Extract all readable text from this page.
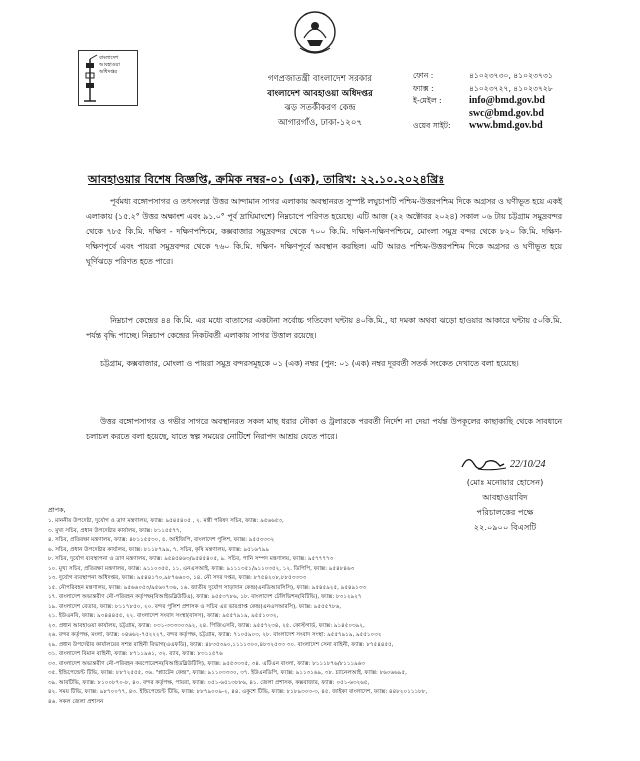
বাংলাদেশ
আবহাওয়া
অধিদপ্তর
গণপ্রজাতন্ত্রী বাংলাদেশ সরকার
বাংলাদেশ আবহাওয়া অধিদপ্তর
ঝড় সতর্কীকরণ কেন্দ্র
আগারগাঁও, ঢাকা-১২০৭
ফোন :	৪১০২৩৭৩০, ৪১০২৩৭৩১
ফ্যাক্স :	৪১০২৩৭২৭, ৪১০২৩৭২৮
ই-মেইল :	info@bmd.gov.bd
swc@bmd.gov.bd
ওয়েব সাইট:	www.bmd.gov.bd
আবহাওয়ার বিশেষ বিজ্ঞপ্তি, ক্রমিক নম্বর-০১ (এক), তারিখ: ২২.১০.২০২৪খ্রিঃ
পূর্বমধ্য বঙ্গোপসাগর ও তৎসংলগ্ন উত্তর আন্দামান সাগর এলাকায় অবস্থানরত সুস্পষ্ট লঘুচাপটি পশ্চিম-উত্তরপশ্চিম দিকে অগ্রসর ও ঘণীভূত হয়ে একই এলাকায় (১৫.২° উত্তর অক্ষাংশ এবং ৯১.০° পূর্ব দ্রাঘিমাংশে) নিম্নচাপে পরিণত হয়েছে। এটি আজ (২২ অক্টোবর ২০২৪) সকাল ০৬ টায় চট্টগ্রাম সমুদ্রবন্দর থেকে ৭৮৫ কি.মি. দক্ষিণ - দক্ষিণপশ্চিমে, কক্সবাজার সমুদ্রবন্দর থেকে ৭০০ কি.মি. দক্ষিণ-দক্ষিণপশ্চিমে, মোংলা সমুদ্র বন্দর থেকে ৮২০ কি.মি. দক্ষিণ- দক্ষিণপূর্বে এবং পায়রা সমুদ্রবন্দর থেকে ৭৬০ কি.মি. দক্ষিণ- দক্ষিণপূর্বে অবস্থান করছিল। এটি আরও পশ্চিম-উত্তরপশ্চিম দিকে অগ্রসর ও ঘণীভূত হয়ে ঘূর্ণিঝড়ে পরিণত হতে পারে।
নিম্নচাপ কেন্দ্রের ৪৪ কি.মি. এর মধ্যে বাতাসের একটানা সর্বোচ্চ গতিবেগ ঘন্টায় ৪০কি.মি., যা দমকা অথবা ঝড়ো হাওয়ার আকারে ঘন্টায় ৫০কি.মি. পর্যন্ত বৃদ্ধি পাচ্ছে। নিম্নচাপ কেন্দ্রের নিকটবর্তী এলাকায় সাগর উত্তাল রয়েছে।
চট্টগ্রাম, কক্সবাজার, মোংলা ও পায়রা সমুদ্র বন্দরসমূহকে ০১ (এক) নম্বর (পুন: ০১ (এক) নম্বর দূরবর্তী সতর্ক সংকেত দেখাতে বলা হয়েছে।
উত্তর বঙ্গোপসাগর ও গভীর সাগরে অবস্থানরত সকল মাছ ধরার নৌকা ও ট্রলারকে পরবর্তী নির্দেশ না দেয়া পর্যন্ত উপকূলের কাছাকাছি থেকে সাবধানে চলাচল করতে বলা হয়েছে, যাতে স্বল্প সময়ের নোটিশে নিরাপদ আশ্রয় যেতে পারে।
22/10/24
(মোঃ মনোয়ার হোসেন)
আবহাওয়াবিদ
পরিচালকের পক্ষে
২২.০৯০০ বিএসটি
প্রাপক,
১. মাননীয় উপদেষ্টা, দুর্যোগ ও ত্রাণ মন্ত্রণালয়, ফ্যাক্স: ৯৫৪৫৪০৫ , ২. মন্ত্রী পরিষদ সচিব, ফ্যাক্স: ৯৫৬৬৫৩,
৩. মুখ্য সচিব, প্রধান উপদেষ্টার কার্যালয়, ফ্যাক্স: ৮১১৫৫৭৭,
৪. সচিব, প্রতিরক্ষা মন্ত্রণালয়, ফ্যাক্স: ৪৮১১৫৫৩০, ৫. আইজিপি, বাংলাদেশ পুলিশ, ফ্যাক্স: ৯৫৫৩৩৩২
৬. সচিব, প্রধান উপদেষ্টার কার্যালয়, ফ্যাক্স: ৮১১৮৭৯৯, ৭. সচিব, কৃষি মন্ত্রণালয়, ফ্যাক্স: ৯৫১৬৭৯৯
৮. সচিব, দুর্যোগ ব্যবস্থাপনা ও ত্রাণ মন্ত্রণালয়, ফ্যাক্স: ৯৫৪৫৪৬৩/৯৫৪৫৪০৫, ৯. সচিব, পানি সম্পদ মন্ত্রণালয়, ফ্যাক্স: ৯৫৭৭৭৭৩
১০. মুখ্য সচিব, প্রতিরক্ষা মন্ত্রণালয়, ফ্যাক্স: ৯১১০৩৫৫, ১১. এনএসআই, ফ্যাক্স: ৯১১১৩৫১/৯১১০৩৫২, ১২. ডিপিপি, ফ্যাক্স: ৯৫৪৮৪৬৩
১৩. দুর্যোগ ব্যবস্থাপনা অধিদপ্তর, ফ্যাক্স: ৯৫৪৪১৭০,৯৮৭৬৬০৩, ১৪. নৌ সদর দপ্তর, ফ্যাক্স: ৮৭৫৪২০৮,৮৮৫৩৩৩৩
১৫. নৌপরিবহন মন্ত্রণালয়, ফ্যাক্স: ৯৫৬৬০৫৩/৯৫৬০৭৩৬, ১৬. জাতীয় দুর্যোগ সাড়াদান কেন্দ্র(এনডিআরসিসি), ফ্যাক্স: ৯৫৪৫৯২৫, ৯৫৪৯১৩৩
১৭. বাংলাদেশ অভ্যন্তরীণ নৌ-পরিবহন কর্তৃপক্ষ(বিআইডব্লিউটিএ), ফ্যাক্স: ৯৫৫৩৭৮৬, ১৮. বাংলাদেশ টেলিভিশন(বিটিভি), ফ্যাক্স: ৮৩১২৯২৭
১৯. বাংলাদেশ বেতার, ফ্যাক্স: ৮১১৭৮৫০, ২০. বন্দর পুলিশ প্রশাসক ও সচিব এর ভারপ্রাপ্ত কেন্দ্র(এনএসআরসি), ফ্যাক্স: ৯৫৫৫৭৮৬,
২১. ইউএনবি, ফ্যাক্স: ৯৩৪৪৪৫৫, ২২. বাংলাদেশ সংবাদ সংস্থা(বাসস), ফ্যাক্স: ৯৫৫৭৯১৯, ৯৫৫১০৩২,
২৩. প্রধান আবহাওয়া কার্যালয়, চট্টগ্রাম, ফ্যাক্স: ০৩১-৩৩৩৩০৩৯২, ২৪. পিজিএসবি, ফ্যাক্স: ৯৫৫৭২৩৪, ২৫. কোস্টগার্ড, ফ্যাক্স: ৯১৪৫০৩৯২,
২৬. বন্দর কর্তৃপক্ষ, মংলা, ফ্যাক্স: ০৪৬৬২-৭৫২২২৭, বন্দর কর্তৃপক্ষ, চট্টগ্রাম, ফ্যাক্স: ৭১০৫৯০৩, ২৮. বাংলাদেশ সংবাদ সংস্থা: ৯৫৫৭৯১৯, ৯৫৫১০৩২
২৯. প্রধান উপদেষ্টার কার্যালয়ের সশস্ত্র বাহিনী বিভাগ(এএফডি), ফ্যাক্স: ৪৮৩৫৩৯০,১১১১৩০০,৪৮৩২৫৩৩ ৩০. বাংলাদেশ সেনা বাহিনী, ফ্যাক্স: ৮৭৫৪৪৫৫,
৩১. বাংলাদেশ বিমান বাহিনী, ফ্যাক্স: ৮৭১১৯৬১, ৩২. র‌্যাব, ফ্যাক্স: ৮৩১১৫৭৬
৩৩. বাংলাদেশ অভ্যন্তরীণ নৌ-পরিবহন করপোরেশন(বিআইডব্লিউটিসি), ফ্যাক্স: ৯৫৫৩৩৩৫, ৩৪. এটিএন বাংলা, ফ্যাক্স: ৮১১১৮৭৬/৮১১১৯৬৩
৩৫. ইন্ডিপেন্ডেন্ট টিভি, ফ্যাক্স: ৮৮৭২৫৫৫, ৩৬. "প্ল্যাটেন কেন্দ্র", ফ্যাক্স: ৯১১০৩৩৩০, ৩৭. ইউএনডিপি, ফ্যাক্স: ৯১১৩১৬৯, ৩৮. চ্যানেলআই, ফ্যাক্স: ৮৬০৬৬৯৫,
৩৯. আরটিভি, ফ্যাক্স: ৮১০০৮৭০-৮, ৪০. বন্দর কর্তৃপক্ষ, পায়রা, ফ্যাক্স: ০৫১-৬৫১৩৮৮৬, ৪১. জেলা প্রশাসক, কক্সবাজার, ফ্যাক্স: ০৫১-৬৩২৬৫,
৪২. সময় টিভি, ফ্যাক্স: ৯৮৭০০৭৭, ৪৩. ইন্ডিপেন্ডেন্ট টিভি, ফ্যাক্স: ৮৮৭৯০০৯-২, ৪৪. একুশে টিভি, ফ্যাক্স: ৮১৮৯৩০৩-৩, ৪৫. জাইকা বাংলাদেশ, ফ্যাক্স: ৪৪৮২০১১১৮৮,
৪৬. সকল জেলা প্রশাসন
